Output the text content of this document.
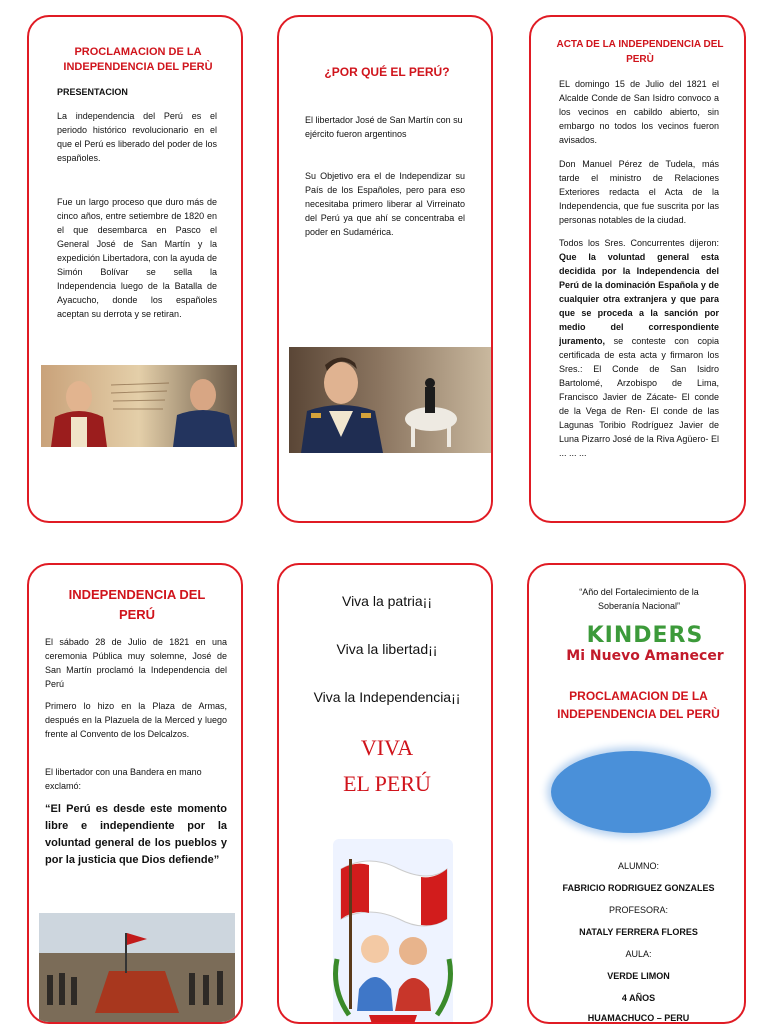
PROCLAMACION DE LA INDEPENDENCIA DEL PERÙ
PRESENTACION

La independencia del Perú es el periodo histórico revolucionario en el que el Perú es liberado del poder de los españoles.

Fue un largo proceso que duro más de cinco años, entre setiembre de 1820 en el que desembarca en Pasco el General José de San Martín y la expedición Libertadora, con la ayuda de Simón Bolívar se sella la Independencia luego de la Batalla de Ayacucho, donde los españoles aceptan su derrota y se retiran.

¿POR QUÉ EL PERÚ?

El libertador José de San Martín con su ejército fueron argentinos

Su Objetivo era el de Independizar su País de los Españoles, pero para eso necesitaba primero liberar al Virreinato del Perú ya que ahí se concentraba el poder en Sudamérica.

ACTA DE LA INDEPENDENCIA DEL PERÙ

EL domingo 15 de Julio del 1821 el Alcalde Conde de San Isidro convoco a los vecinos en cabildo abierto, sin embargo no todos los vecinos fueron avisados.

Don Manuel Pérez de Tudela, más tarde el ministro de Relaciones Exteriores redacta el Acta de la Independencia, que fue suscrita por las personas notables de la ciudad.

Todos los Sres. Concurrentes dijeron: Que la voluntad general esta decidida por la Independencia del Perú de la dominación Española y de cualquier otra extranjera y que para que se proceda a la sanción por medio del correspondiente juramento, se conteste con copia certificada de esta acta y firmaron los Sres.: El Conde de San Isidro Bartolomé, Arzobispo de Lima, Francisco Javier de Zácate- El conde de la Vega de Ren- El conde de las Lagunas Toribio Rodríguez Javier de Luna Pizarro José de la Riva Agüero- El ... ... ...

INDEPENDENCIA DEL PERÚ

El sábado 28 de Julio de 1821 en una ceremonia Pública muy solemne, José de San Martín proclamó la Independencia del Perú

Primero lo hizo en la Plaza de Armas, después en la Plazuela de la Merced y luego frente al Convento de los Delcalzos.

El libertador con una Bandera en mano exclamó:

“El Perú es desde este momento libre e independiente por la voluntad general de los pueblos y por la justicia que Dios defiende”

Viva la patria¡¡
Viva la libertad¡¡
Viva la Independencia¡¡
VIVA
EL PERÚ
“Año del Fortalecimiento de la Soberanía Nacional”
KINDERS
Mi Nuevo Amanecer
PROCLAMACION DE LA INDEPENDENCIA DEL PERÙ
ALUMNO:
FABRICIO RODRIGUEZ GONZALES
PROFESORA:
NATALY FERRERA FLORES
AULA:
VERDE LIMON
4 AÑOS
HUAMACHUCO – PERU
